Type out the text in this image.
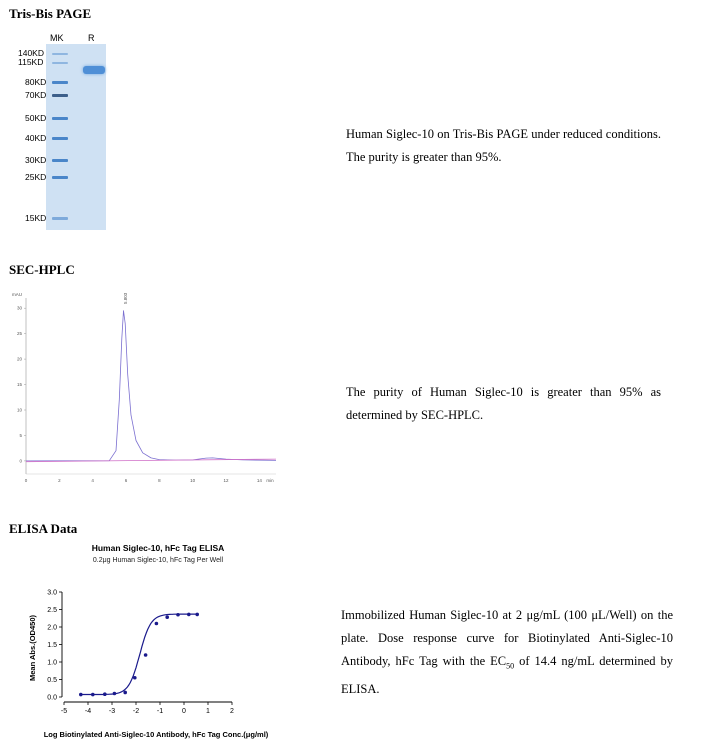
Tris-Bis PAGE
MK	R
140KD
115KD
80KD
70KD
50KD
40KD
30KD
25KD
15KD
Human Siglec-10 on Tris-Bis PAGE under reduced conditions. The purity is greater than 95%.
SEC-HPLC
mAU	5.803
0
5
10
15
20
25
30
0	2	4	6	8	10	12	14 min
The purity of Human Siglec-10 is greater than 95% as determined by SEC-HPLC.
ELISA Data
Human Siglec-10, hFc Tag ELISA
0.2μg Human Siglec-10, hFc Tag Per Well
Mean Abs.(OD450)
Log Biotinylated Anti-Siglec-10 Antibody, hFc Tag Conc.(μg/ml)
0.0
0.5
1.0
1.5
2.0
2.5
3.0
-5	-4	-3	-2	-1	0	1	2
Immobilized Human Siglec-10 at 2 μg/mL (100 μL/Well) on the plate. Dose response curve for Biotinylated Anti-Siglec-10 Antibody, hFc Tag with the $EC_{50}$ of 14.4 ng/mL determined by ELISA.
